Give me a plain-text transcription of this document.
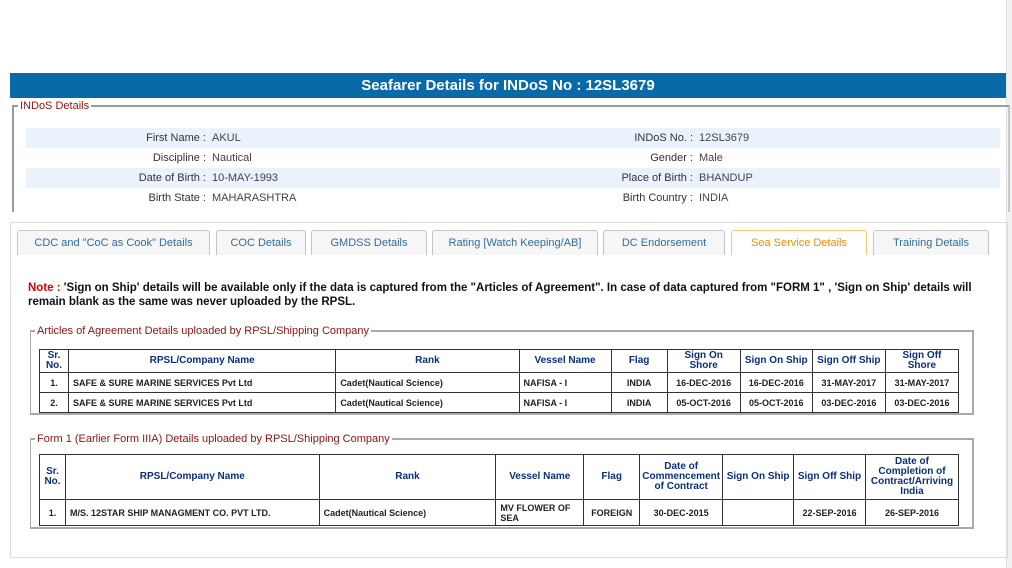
Seafarer Details for INDoS No : 12SL3679
INDoS Details
First Name :	AKUL	INDoS No. :	12SL3679
Discipline :	Nautical	Gender :	Male
Date of Birth :	10-MAY-1993	Place of Birth :	BHANDUP
Birth State :	MAHARASHTRA	Birth Country :	INDIA
CDC and "CoC as Cook" Details	COC Details	GMDSS Details	Rating [Watch Keeping/AB]	DC Endorsement	Sea Service Details	Training Details
Note : 'Sign on Ship' details will be available only if the data is captured from the "Articles of Agreement". In case of data captured from "FORM 1" , 'Sign on Ship' details will remain blank as the same was never uploaded by the RPSL.
Articles of Agreement Details uploaded by RPSL/Shipping Company
Sr. No.	RPSL/Company Name	Rank	Vessel Name	Flag	Sign On Shore	Sign On Ship	Sign Off Ship	Sign Off Shore
1.	SAFE & SURE MARINE SERVICES Pvt Ltd	Cadet(Nautical Science)	NAFISA - I	INDIA	16-DEC-2016	16-DEC-2016	31-MAY-2017	31-MAY-2017
2.	SAFE & SURE MARINE SERVICES Pvt Ltd	Cadet(Nautical Science)	NAFISA - I	INDIA	05-OCT-2016	05-OCT-2016	03-DEC-2016	03-DEC-2016
Form 1 (Earlier Form IIIA) Details uploaded by RPSL/Shipping Company
Sr. No.	RPSL/Company Name	Rank	Vessel Name	Flag	Date of Commencement of Contract	Sign On Ship	Sign Off Ship	Date of Completion of Contract/Arriving India
1.	M/S. 12STAR SHIP MANAGMENT CO. PVT LTD.	Cadet(Nautical Science)	MV FLOWER OF SEA	FOREIGN	30-DEC-2015		22-SEP-2016	26-SEP-2016
